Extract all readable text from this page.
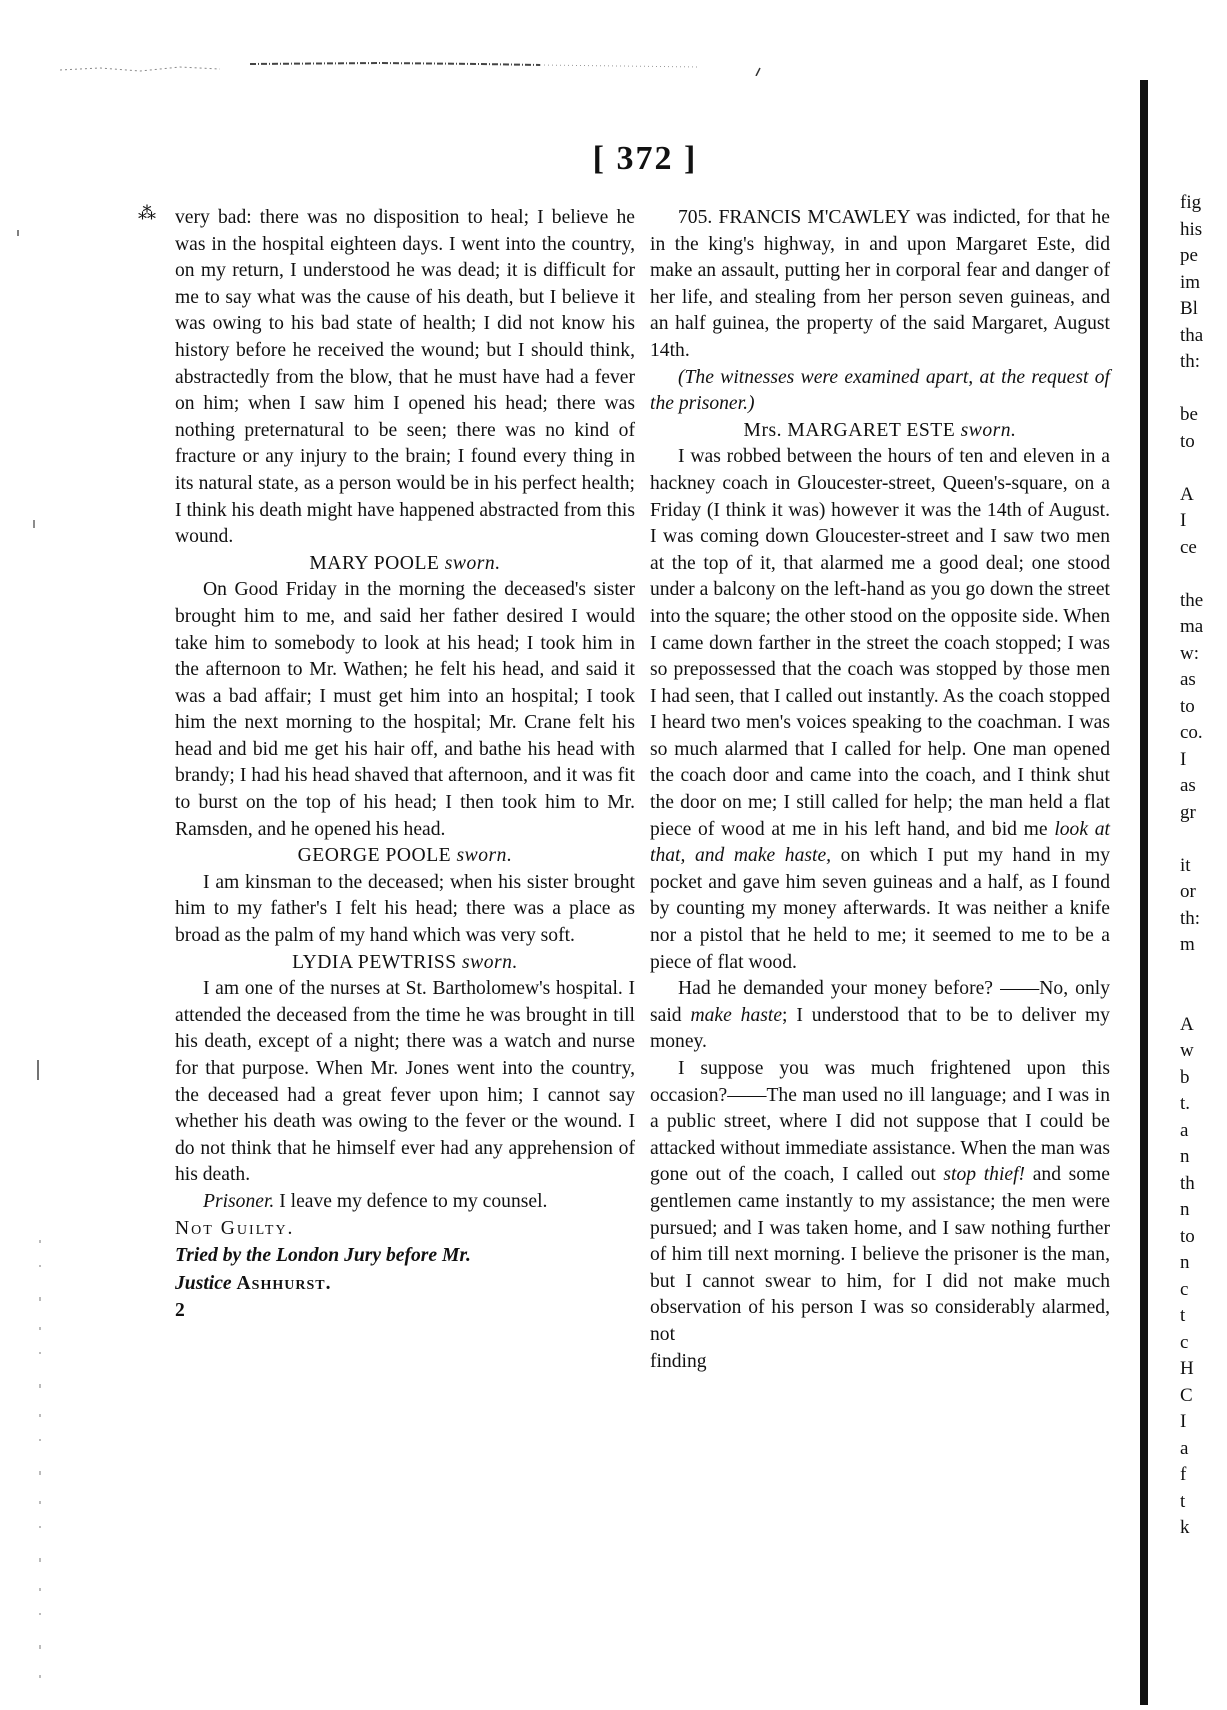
[ 372 ]
⁂ very bad: there was no disposition to heal; I believe he was in the hospital eighteen days. I went into the country, on my return, I understood he was dead; it is difficult for me to say what was the cause of his death, but I believe it was owing to his bad state of health; I did not know his history before he received the wound; but I should think, abstractedly from the blow, that he must have had a fever on him; when I saw him I opened his head; there was nothing preternatural to be seen; there was no kind of fracture or any injury to the brain; I found every thing in its natural state, as a person would be in his perfect health; I think his death might have happened abstracted from this wound.

MARY POOLE sworn.

On Good Friday in the morning the deceased's sister brought him to me, and said her father desired I would take him to somebody to look at his head; I took him in the afternoon to Mr. Wathen; he felt his head, and said it was a bad affair; I must get him into an hospital; I took him the next morning to the hospital; Mr. Crane felt his head and bid me get his hair off, and bathe his head with brandy; I had his head shaved that afternoon, and it was fit to burst on the top of his head; I then took him to Mr. Ramsden, and he opened his head.

GEORGE POOLE sworn.

I am kinsman to the deceased; when his sister brought him to my father's I felt his head; there was a place as broad as the palm of my hand which was very soft.

LYDIA PEWTRISS sworn.

I am one of the nurses at St. Bartholomew's hospital. I attended the deceased from the time he was brought in till his death, except of a night; there was a watch and nurse for that purpose. When Mr. Jones went into the country, the deceased had a great fever upon him; I cannot say whether his death was owing to the fever or the wound. I do not think that he himself ever had any apprehension of his death.

Prisoner. I leave my defence to my counsel.

Not Guilty.

Tried by the London Jury before Mr.
Justice Ashhurst.

2

705. FRANCIS M'CAWLEY was indicted, for that he in the king's highway, in and upon Margaret Este, did make an assault, putting her in corporal fear and danger of her life, and stealing from her person seven guineas, and an half guinea, the property of the said Margaret, August 14th.

(The witnesses were examined apart, at the request of the prisoner.)

Mrs. MARGARET ESTE sworn.

I was robbed between the hours of ten and eleven in a hackney coach in Gloucester-street, Queen's-square, on a Friday (I think it was) however it was the 14th of August. I was coming down Gloucester-street and I saw two men at the top of it, that alarmed me a good deal; one stood under a balcony on the left-hand as you go down the street into the square; the other stood on the opposite side. When I came down farther in the street the coach stopped; I was so prepossessed that the coach was stopped by those men I had seen, that I called out instantly. As the coach stopped I heard two men's voices speaking to the coachman. I was so much alarmed that I called for help. One man opened the coach door and came into the coach, and I think shut the door on me; I still called for help; the man held a flat piece of wood at me in his left hand, and bid me look at that, and make haste, on which I put my hand in my pocket and gave him seven guineas and a half, as I found by counting my money afterwards. It was neither a knife nor a pistol that he held to me; it seemed to me to be a piece of flat wood.

Had he demanded your money before? ——No, only said make haste; I understood that to be to deliver my money.

I suppose you was much frightened upon this occasion?——The man used no ill language; and I was in a public street, where I did not suppose that I could be attacked without immediate assistance. When the man was gone out of the coach, I called out stop thief! and some gentlemen came instantly to my assistance; the men were pursued; and I was taken home, and I saw nothing further of him till next morning. I believe the prisoner is the man, but I cannot swear to him, for I did not make much observation of his person I was so considerably alarmed, not

finding

fig
his
pe
im
Bl
tha
th:
be
to
A
I
ce
the
ma
w:
as
to
co.
I
as
gr
it
or
th:
m
A
w
b
t.
a
n
th
n
to
n
c
t
c
H
C
I
a
f
t
k
